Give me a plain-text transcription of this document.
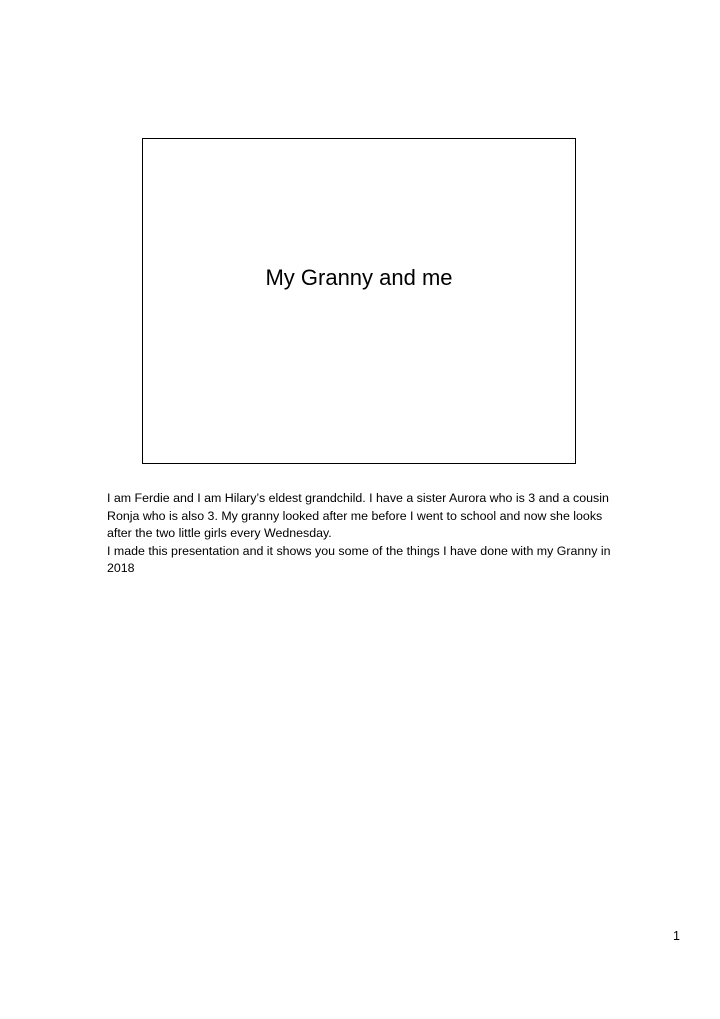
My Granny and me

I am Ferdie and I am Hilary’s eldest grandchild. I have a sister Aurora who is 3 and a cousin Ronja who is also 3. My granny looked after me before I went to school and now she looks after the two little girls every Wednesday.

I made this presentation and it shows you some of the things I have done with my Granny in 2018

1
